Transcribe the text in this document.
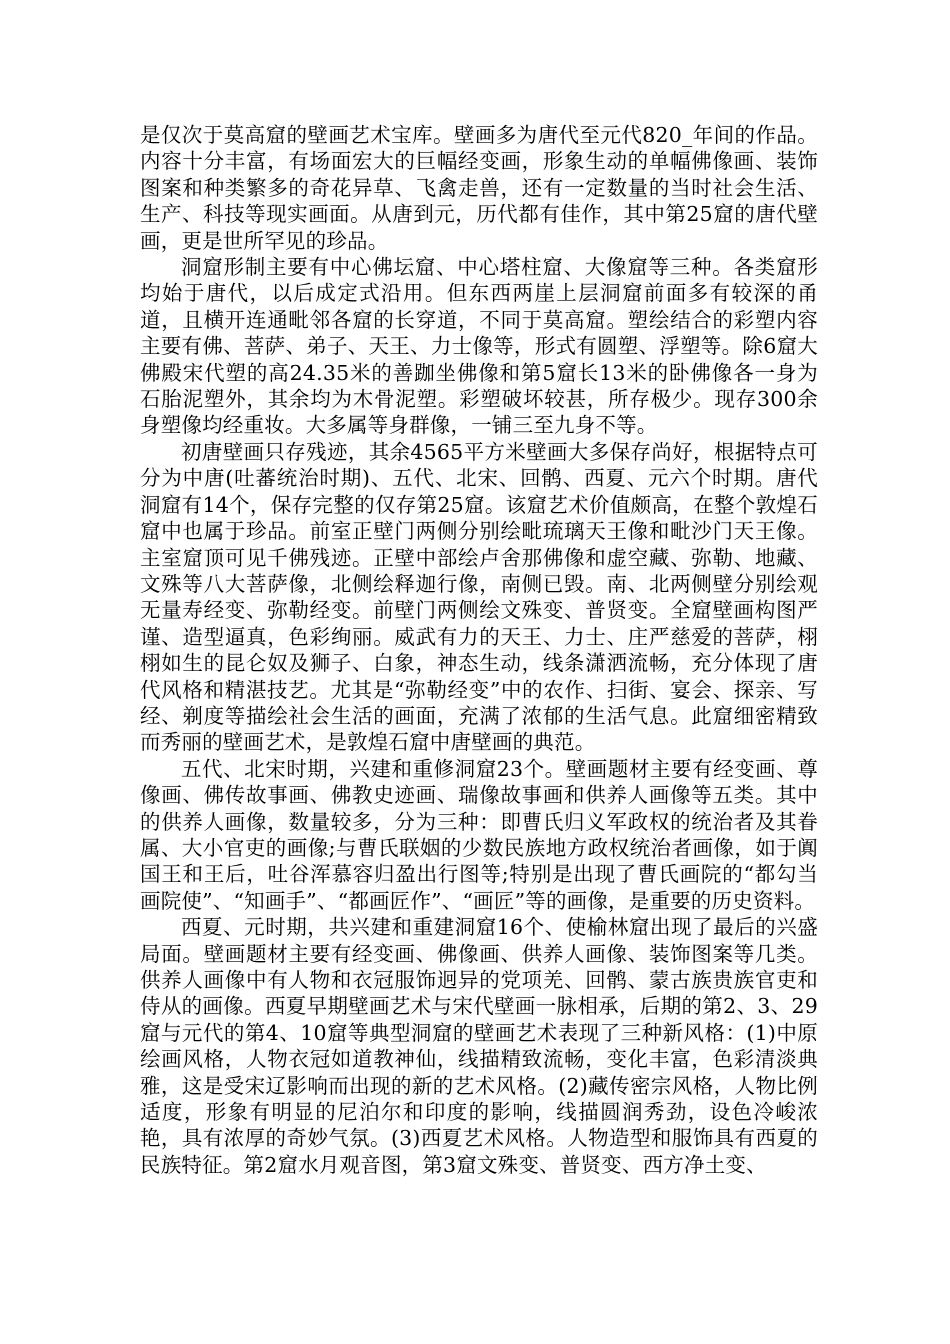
是仅次于莫高窟的壁画艺术宝库。壁画多为唐代至元代820_年间的作品。内容十分丰富，有场面宏大的巨幅经变画，形象生动的单幅佛像画、装饰图案和种类繁多的奇花异草、飞禽走兽，还有一定数量的当时社会生活、生产、科技等现实画面。从唐到元，历代都有佳作，其中第25窟的唐代壁画，更是世所罕见的珍品。

洞窟形制主要有中心佛坛窟、中心塔柱窟、大像窟等三种。各类窟形均始于唐代，以后成定式沿用。但东西两崖上层洞窟前面多有较深的甬道，且横开连通毗邻各窟的长穿道，不同于莫高窟。塑绘结合的彩塑内容主要有佛、菩萨、弟子、天王、力士像等，形式有圆塑、浮塑等。除6窟大佛殿宋代塑的高24.35米的善跏坐佛像和第5窟长13米的卧佛像各一身为石胎泥塑外，其余均为木骨泥塑。彩塑破坏较甚，所存极少。现存300余身塑像均经重妆。大多属等身群像，一铺三至九身不等。

初唐壁画只存残迹，其余4565平方米壁画大多保存尚好，根据特点可分为中唐(吐蕃统治时期)、五代、北宋、回鹘、西夏、元六个时期。唐代洞窟有14个，保存完整的仅存第25窟。该窟艺术价值颇高，在整个敦煌石窟中也属于珍品。前室正壁门两侧分别绘毗琉璃天王像和毗沙门天王像。主室窟顶可见千佛残迹。正壁中部绘卢舍那佛像和虚空藏、弥勒、地藏、文殊等八大菩萨像，北侧绘释迦行像，南侧已毁。南、北两侧壁分别绘观无量寿经变、弥勒经变。前壁门两侧绘文殊变、普贤变。全窟壁画构图严谨、造型逼真，色彩绚丽。威武有力的天王、力士、庄严慈爱的菩萨，栩栩如生的昆仑奴及狮子、白象，神态生动，线条潇洒流畅，充分体现了唐代风格和精湛技艺。尤其是“弥勒经变”中的农作、扫街、宴会、探亲、写经、剃度等描绘社会生活的画面，充满了浓郁的生活气息。此窟细密精致而秀丽的壁画艺术，是敦煌石窟中唐壁画的典范。

五代、北宋时期，兴建和重修洞窟23个。壁画题材主要有经变画、尊像画、佛传故事画、佛教史迹画、瑞像故事画和供养人画像等五类。其中的供养人画像，数量较多，分为三种：即曹氏归义军政权的统治者及其眷属、大小官吏的画像;与曹氏联姻的少数民族地方政权统治者画像，如于阗国王和王后，吐谷浑慕容归盈出行图等;特别是出现了曹氏画院的“都勾当画院使”、“知画手”、“都画匠作”、“画匠”等的画像，是重要的历史资料。

西夏、元时期，共兴建和重建洞窟16个、使榆林窟出现了最后的兴盛局面。壁画题材主要有经变画、佛像画、供养人画像、装饰图案等几类。供养人画像中有人物和衣冠服饰迥异的党项羌、回鹘、蒙古族贵族官吏和侍从的画像。西夏早期壁画艺术与宋代壁画一脉相承，后期的第2、3、29窟与元代的第4、10窟等典型洞窟的壁画艺术表现了三种新风格：(1)中原绘画风格，人物衣冠如道教神仙，线描精致流畅，变化丰富，色彩清淡典雅，这是受宋辽影响而出现的新的艺术风格。(2)藏传密宗风格，人物比例适度，形象有明显的尼泊尔和印度的影响，线描圆润秀劲，设色冷峻浓艳，具有浓厚的奇妙气氛。(3)西夏艺术风格。人物造型和服饰具有西夏的民族特征。第2窟水月观音图，第3窟文殊变、普贤变、西方净土变、
